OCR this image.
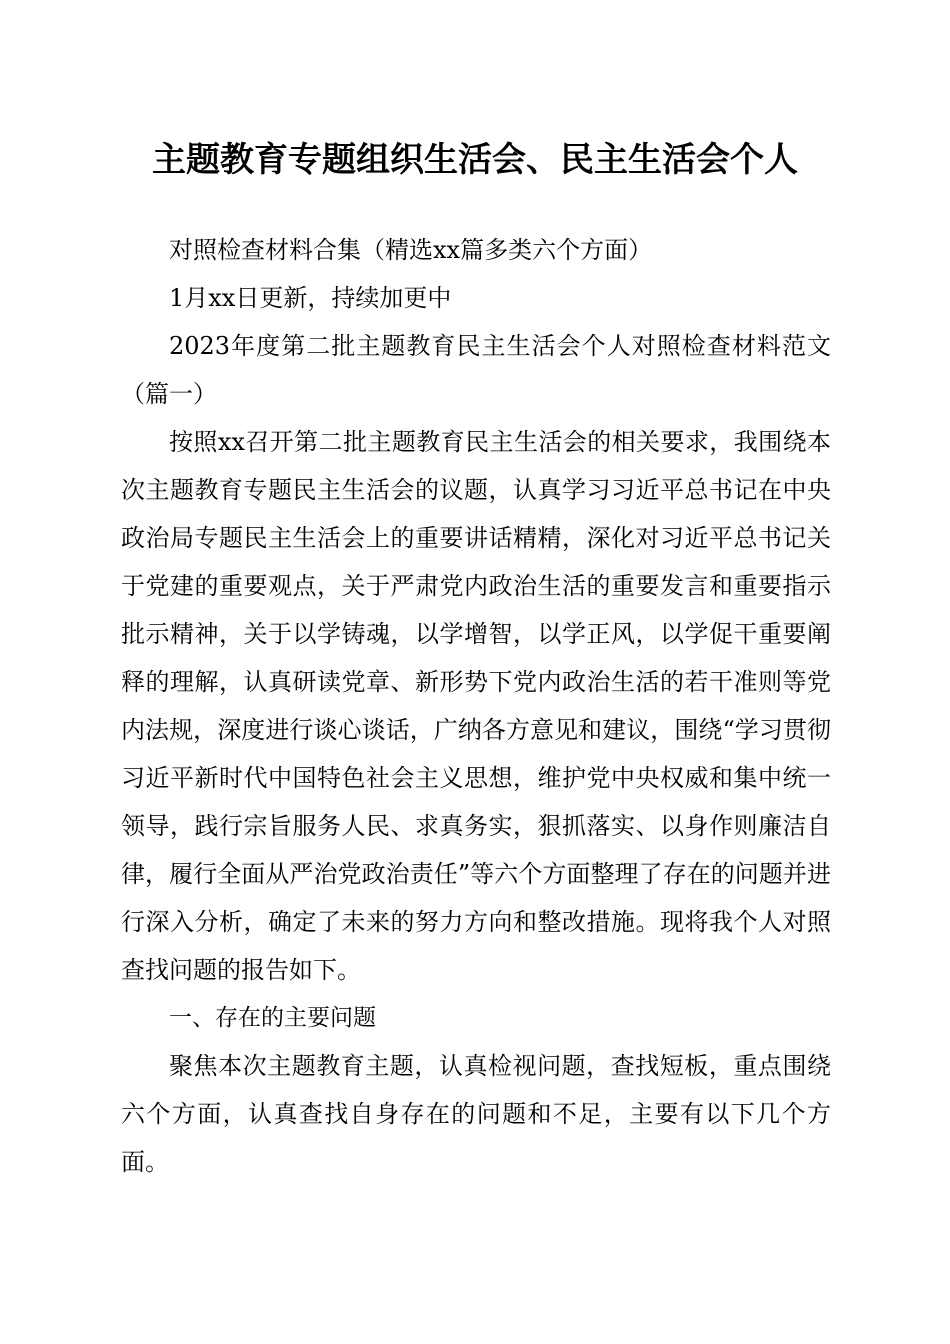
主题教育专题组织生活会、民主生活会个人

对照检查材料合集（精选xx篇多类六个方面）

1月xx日更新，持续加更中

2023年度第二批主题教育民主生活会个人对照检查材料范文（篇一）

按照xx召开第二批主题教育民主生活会的相关要求，我围绕本次主题教育专题民主生活会的议题，认真学习习近平总书记在中央政治局专题民主生活会上的重要讲话精精，深化对习近平总书记关于党建的重要观点，关于严肃党内政治生活的重要发言和重要指示批示精神，关于以学铸魂，以学增智，以学正风，以学促干重要阐释的理解，认真研读党章、新形势下党内政治生活的若干准则等党内法规，深度进行谈心谈话，广纳各方意见和建议，围绕“学习贯彻习近平新时代中国特色社会主义思想，维护党中央权威和集中统一领导，践行宗旨服务人民、求真务实，狠抓落实、以身作则廉洁自律，履行全面从严治党政治责任”等六个方面整理了存在的问题并进行深入分析，确定了未来的努力方向和整改措施。现将我个人对照查找问题的报告如下。

一、存在的主要问题

聚焦本次主题教育主题，认真检视问题，查找短板，重点围绕六个方面，认真查找自身存在的问题和不足，主要有以下几个方面。
